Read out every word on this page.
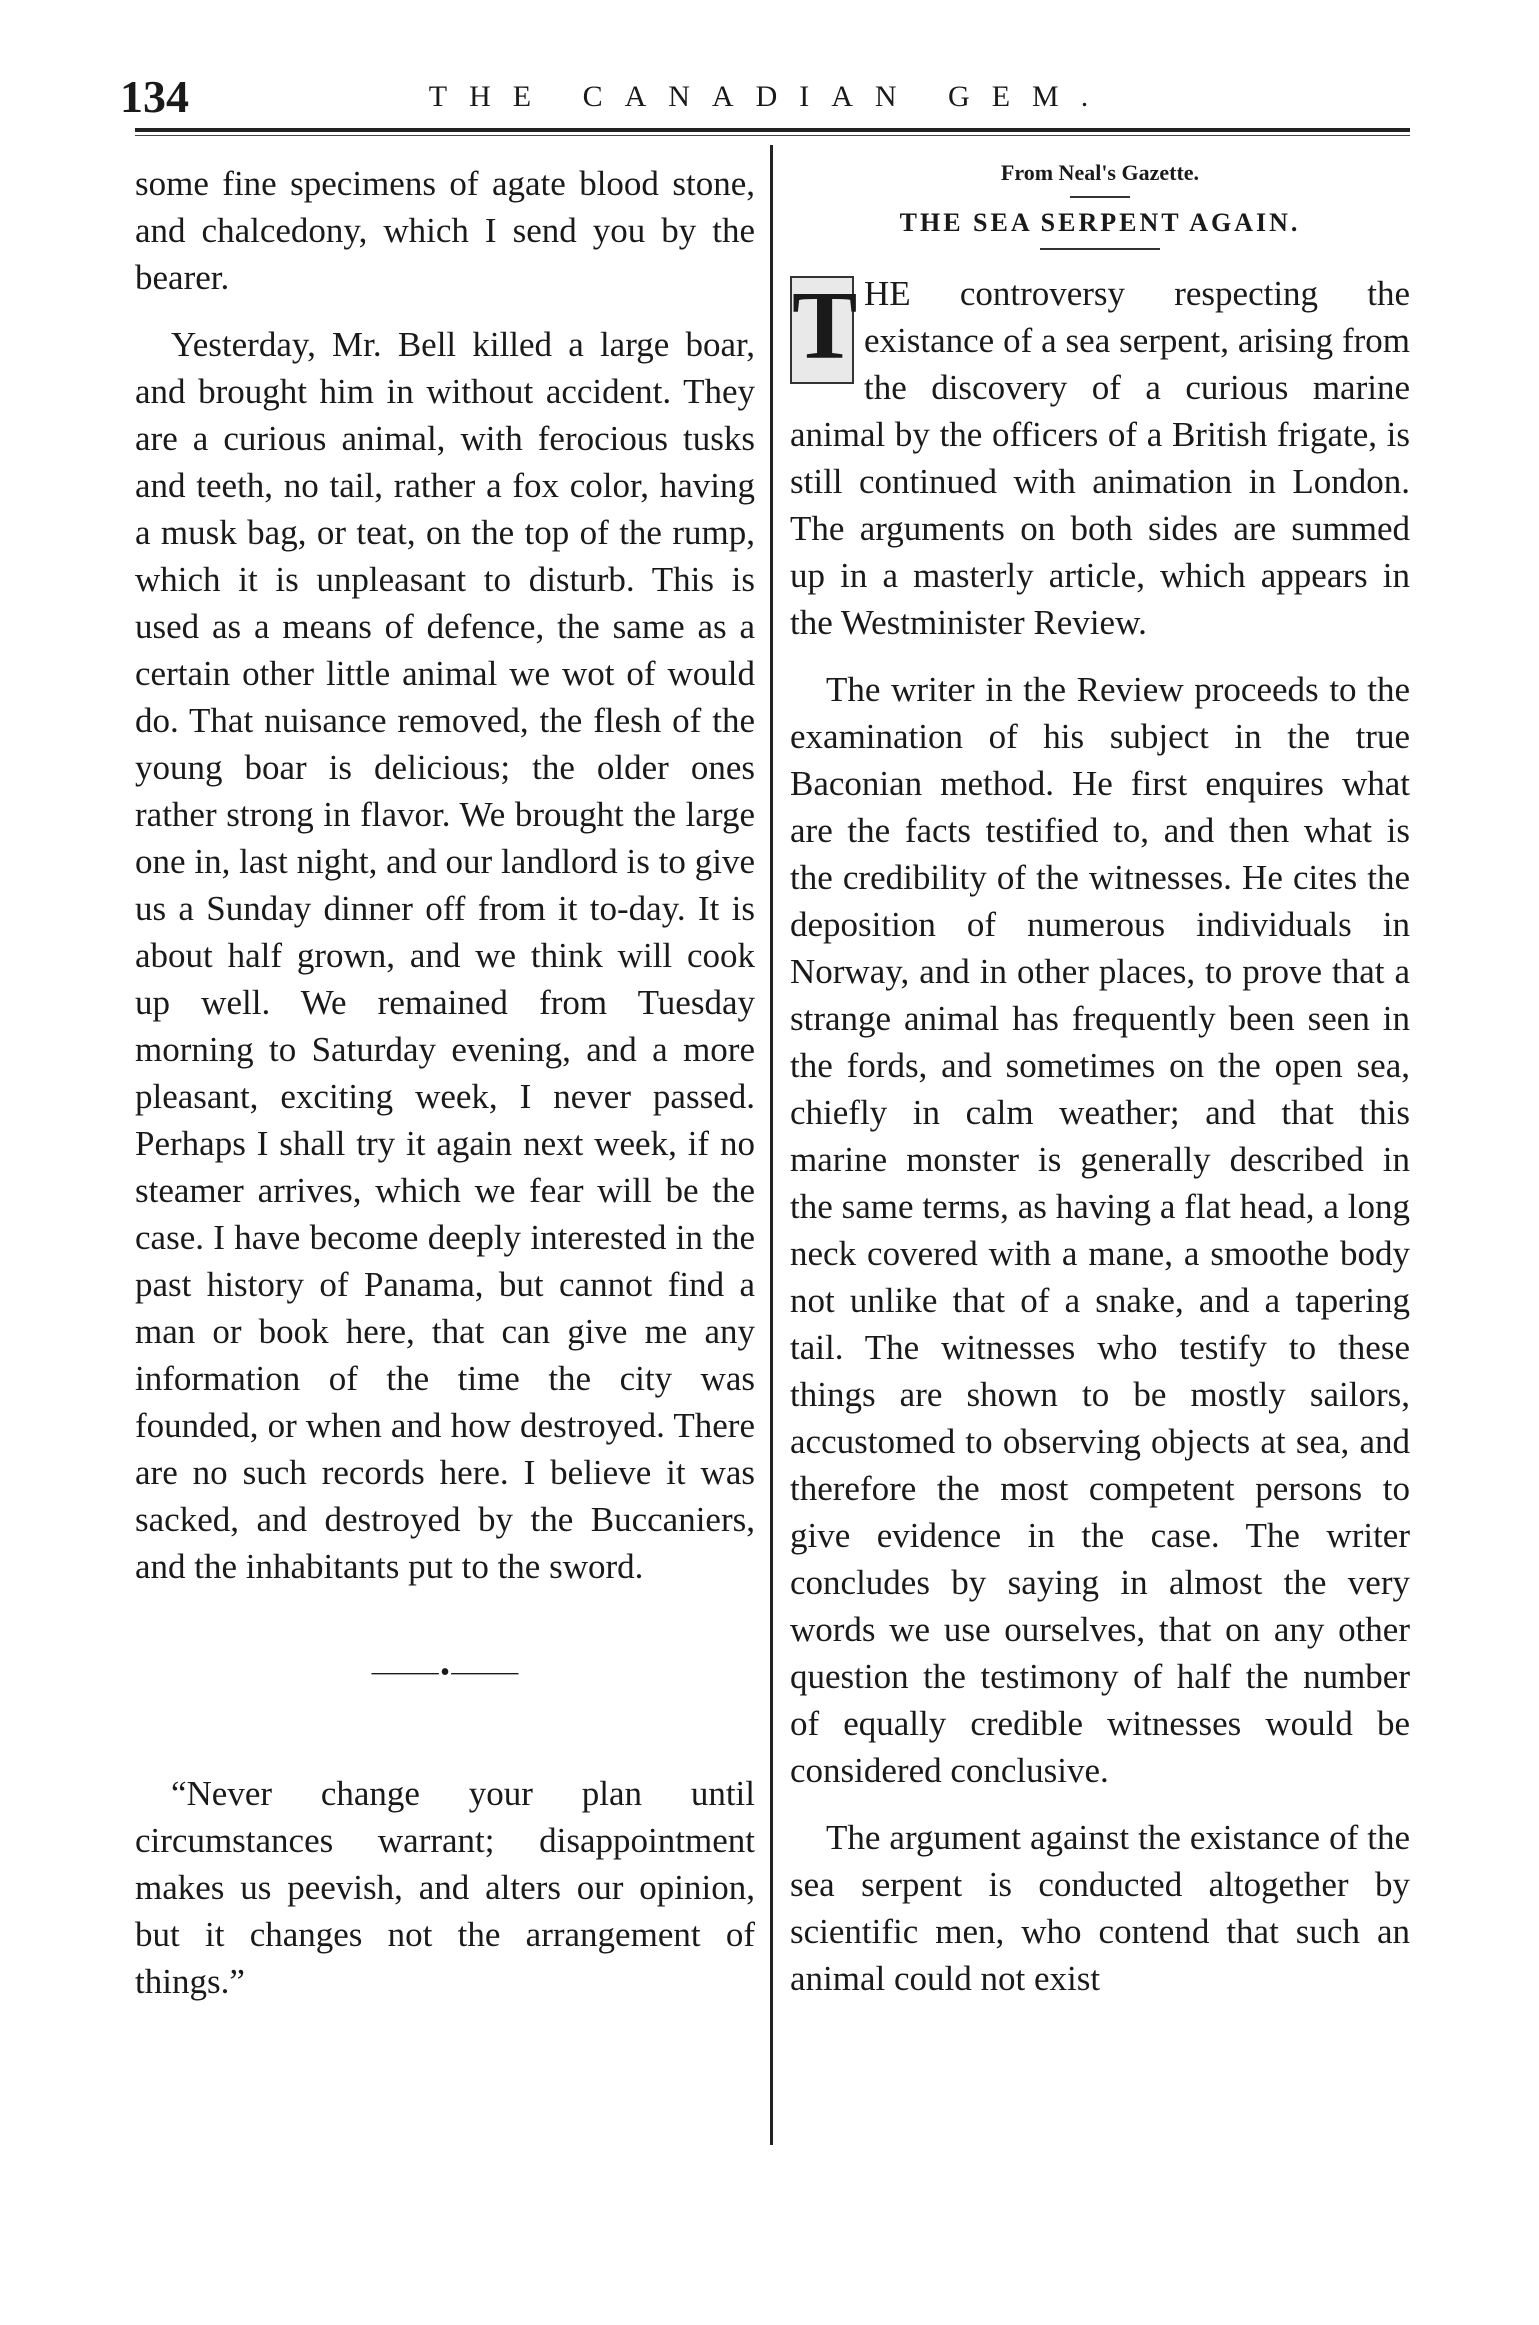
134	THE CANADIAN GEM.

some fine specimens of agate blood stone, and chalcedony, which I send you by the bearer.

Yesterday, Mr. Bell killed a large boar, and brought him in without accident. They are a curious animal, with ferocious tusks and teeth, no tail, rather a fox color, having a musk bag, or teat, on the top of the rump, which it is unpleasant to disturb. This is used as a means of defence, the same as a certain other little animal we wot of would do. That nuisance removed, the flesh of the young boar is delicious; the older ones rather strong in flavor. We brought the large one in, last night, and our landlord is to give us a Sunday dinner off from it to-day. It is about half grown, and we think will cook up well. We remained from Tuesday morning to Saturday evening, and a more pleasant, exciting week, I never passed. Perhaps I shall try it again next week, if no steamer arrives, which we fear will be the case. I have become deeply interested in the past history of Panama, but cannot find a man or book here, that can give me any information of the time the city was founded, or when and how destroyed. There are no such records here. I believe it was sacked, and destroyed by the Buccaniers, and the inhabitants put to the sword.

⸻•⸻

“Never change your plan until circumstances warrant; disappointment makes us peevish, and alters our opinion, but it changes not the arrangement of things.”

From Neal's Gazette.

THE SEA SERPENT AGAIN.

T HE controversy respecting the existance of a sea serpent, arising from the discovery of a curious marine animal by the officers of a British frigate, is still continued with animation in London. The arguments on both sides are summed up in a masterly article, which appears in the Westminister Review.

The writer in the Review proceeds to the examination of his subject in the true Baconian method. He first enquires what are the facts testified to, and then what is the credibility of the witnesses. He cites the deposition of numerous individuals in Norway, and in other places, to prove that a strange animal has frequently been seen in the fords, and sometimes on the open sea, chiefly in calm weather; and that this marine monster is generally described in the same terms, as having a flat head, a long neck covered with a mane, a smoothe body not unlike that of a snake, and a tapering tail. The witnesses who testify to these things are shown to be mostly sailors, accustomed to observing objects at sea, and therefore the most competent persons to give evidence in the case. The writer concludes by saying in almost the very words we use ourselves, that on any other question the testimony of half the number of equally credible witnesses would be considered conclusive.

The argument against the existance of the sea serpent is conducted altogether by scientific men, who contend that such an animal could not exist
